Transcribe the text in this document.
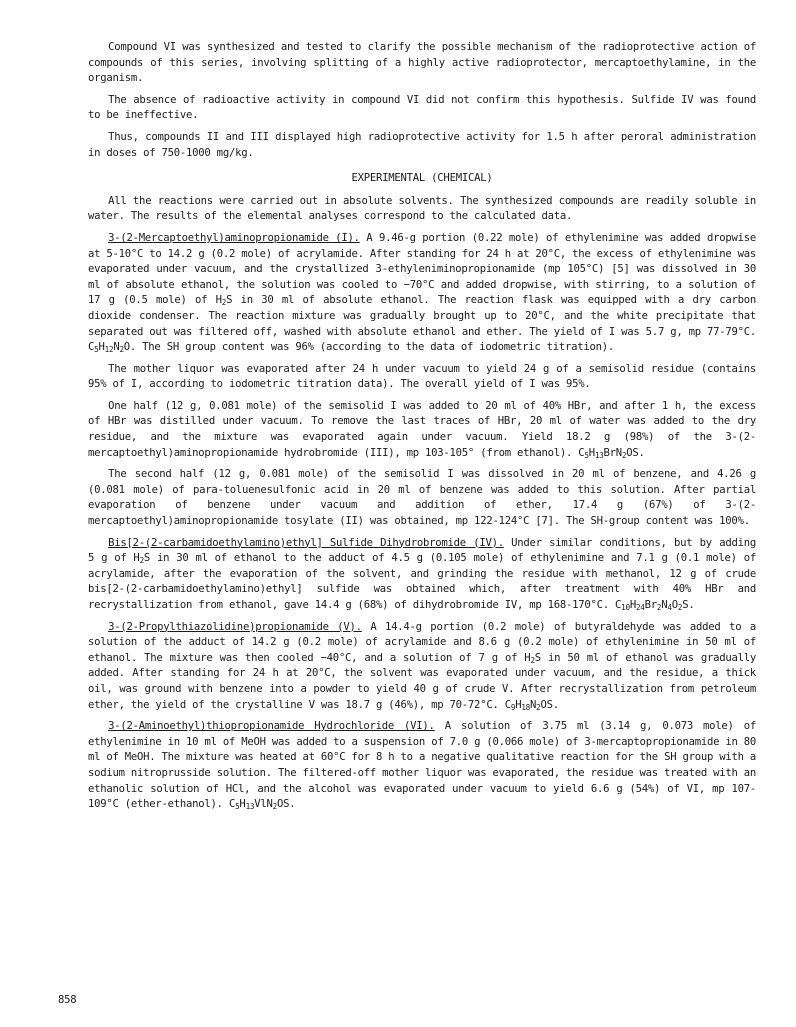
Compound VI was synthesized and tested to clarify the possible mechanism of the radioprotective action of compounds of this series, involving splitting of a highly active radioprotector, mercaptoethylamine, in the organism.

The absence of radioactive activity in compound VI did not confirm this hypothesis. Sulfide IV was found to be ineffective.

Thus, compounds II and III displayed high radioprotective activity for 1.5 h after peroral administration in doses of 750-1000 mg/kg.

EXPERIMENTAL (CHEMICAL)

All the reactions were carried out in absolute solvents. The synthesized compounds are readily soluble in water. The results of the elemental analyses correspond to the calculated data.

3-(2-Mercaptoethyl)aminopropionamide (I). A 9.46-g portion (0.22 mole) of ethylenimine was added dropwise at 5-10°C to 14.2 g (0.2 mole) of acrylamide. After standing for 24 h at 20°C, the excess of ethylenimine was evaporated under vacuum, and the crystallized 3-ethyleniminopropionamide (mp 105°C) [5] was dissolved in 30 ml of absolute ethanol, the solution was cooled to −70°C and added dropwise, with stirring, to a solution of 17 g (0.5 mole) of $H_2S$ in 30 ml of absolute ethanol. The reaction flask was equipped with a dry carbon dioxide condenser. The reaction mixture was gradually brought up to 20°C, and the white precipitate that separated out was filtered off, washed with absolute ethanol and ether. The yield of I was 5.7 g, mp 77-79°C. $C_5H_{12}N_2O$. The SH group content was 96% (according to the data of iodometric titration).

The mother liquor was evaporated after 24 h under vacuum to yield 24 g of a semisolid residue (contains 95% of I, according to iodometric titration data). The overall yield of I was 95%.

One half (12 g, 0.081 mole) of the semisolid I was added to 20 ml of 40% HBr, and after 1 h, the excess of HBr was distilled under vacuum. To remove the last traces of HBr, 20 ml of water was added to the dry residue, and the mixture was evaporated again under vacuum. Yield 18.2 g (98%) of the 3-(2-mercaptoethyl)aminopropionamide hydrobromide (III), mp 103-105° (from ethanol). $C_5H_{13}BrN_2OS$.

The second half (12 g, 0.081 mole) of the semisolid I was dissolved in 20 ml of benzene, and 4.26 g (0.081 mole) of para-toluenesulfonic acid in 20 ml of benzene was added to this solution. After partial evaporation of benzene under vacuum and addition of ether, 17.4 g (67%) of 3-(2-mercaptoethyl)aminopropionamide tosylate (II) was obtained, mp 122-124°C [7]. The SH-group content was 100%.

Bis[2-(2-carbamidoethylamino)ethyl] Sulfide Dihydrobromide (IV). Under similar conditions, but by adding 5 g of $H_2S$ in 30 ml of ethanol to the adduct of 4.5 g (0.105 mole) of ethylenimine and 7.1 g (0.1 mole) of acrylamide, after the evaporation of the solvent, and grinding the residue with methanol, 12 g of crude bis[2-(2-carbamidoethylamino)ethyl] sulfide was obtained which, after treatment with 40% HBr and recrystallization from ethanol, gave 14.4 g (68%) of dihydrobromide IV, mp 168-170°C. $C_{10}H_{24}Br_2N_4O_2S$.

3-(2-Propylthiazolidine)propionamide (V). A 14.4-g portion (0.2 mole) of butyraldehyde was added to a solution of the adduct of 14.2 g (0.2 mole) of acrylamide and 8.6 g (0.2 mole) of ethylenimine in 50 ml of ethanol. The mixture was then cooled −40°C, and a solution of 7 g of $H_2S$ in 50 ml of ethanol was gradually added. After standing for 24 h at 20°C, the solvent was evaporated under vacuum, and the residue, a thick oil, was ground with benzene into a powder to yield 40 g of crude V. After recrystallization from petroleum ether, the yield of the crystalline V was 18.7 g (46%), mp 70-72°C. $C_9H_{18}N_2OS$.

3-(2-Aminoethyl)thiopropionamide Hydrochloride (VI). A solution of 3.75 ml (3.14 g, 0.073 mole) of ethylenimine in 10 ml of MeOH was added to a suspension of 7.0 g (0.066 mole) of 3-mercaptopropionamide in 80 ml of MeOH. The mixture was heated at 60°C for 8 h to a negative qualitative reaction for the SH group with a sodium nitroprusside solution. The filtered-off mother liquor was evaporated, the residue was treated with an ethanolic solution of HCl, and the alcohol was evaporated under vacuum to yield 6.6 g (54%) of VI, mp 107-109°C (ether-ethanol). $C_5H_{13}VlN_2OS$.

858
